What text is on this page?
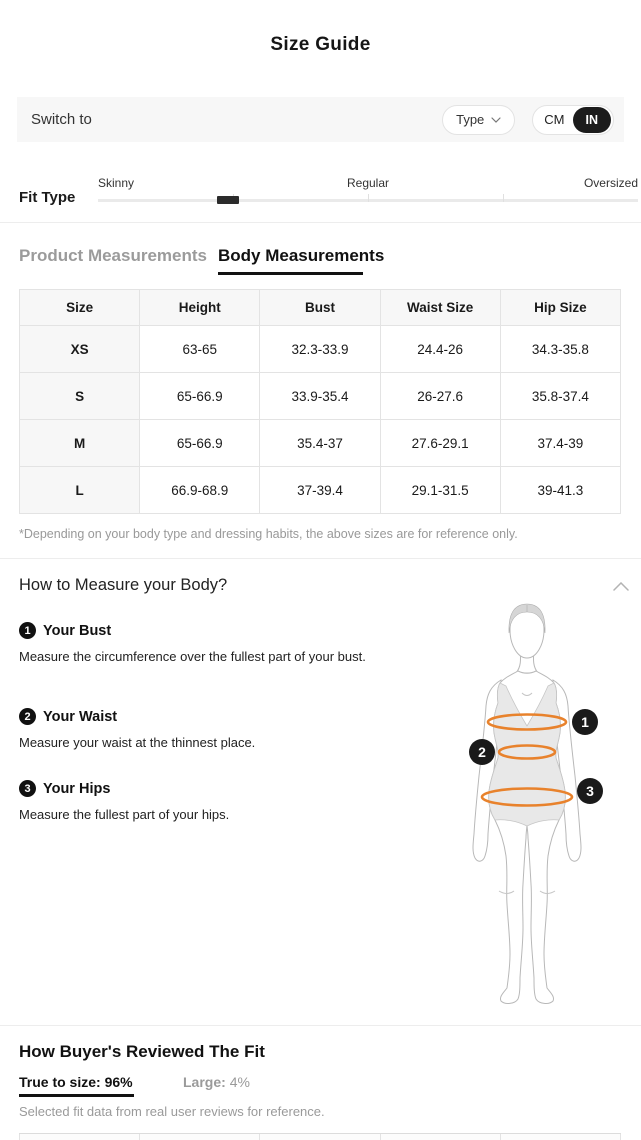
Size Guide
Switch to	Type	CM	IN
Fit Type
Skinny	Regular	Oversized
Product Measurements Body Measurements
Size	Height	Bust	Waist Size	Hip Size
XS	63-65	32.3-33.9	24.4-26	34.3-35.8
S	65-66.9	33.9-35.4	26-27.6	35.8-37.4
M	65-66.9	35.4-37	27.6-29.1	37.4-39
L	66.9-68.9	37-39.4	29.1-31.5	39-41.3
*Depending on your body type and dressing habits, the above sizes are for reference only.
How to Measure your Body?
1 Your Bust
Measure the circumference over the fullest part of your bust.
2 Your Waist
Measure your waist at the thinnest place.
3 Your Hips
Measure the fullest part of your hips.
1
2
3
How Buyer's Reviewed The Fit
True to size: 96%	Large: 4%
Selected fit data from real user reviews for reference.
